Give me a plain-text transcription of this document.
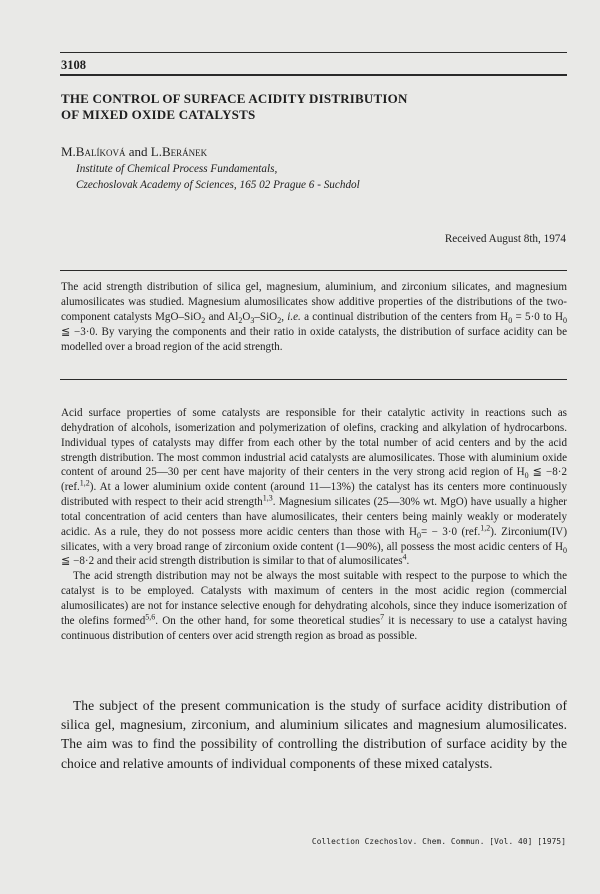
3108
THE CONTROL OF SURFACE ACIDITY DISTRIBUTION
OF MIXED OXIDE CATALYSTS
M.Balíková and L.Beránek
Institute of Chemical Process Fundamentals,
Czechoslovak Academy of Sciences, 165 02 Prague 6 - Suchdol
Received August 8th, 1974

The acid strength distribution of silica gel, magnesium, aluminium, and zirconium silicates, and magnesium alumosilicates was studied. Magnesium alumosilicates show additive properties of the distributions of the two-component catalysts MgO–SiO$_2$ and $Al_2O_3-SiO_2$, i.e. a continual distribution of the centers from $H_0 = 5\cdot 0$ to $H_0$ ≦ −3·0. By varying the components and their ratio in oxide catalysts, the distribution of surface acidity can be modelled over a broad region of the acid strength.

Acid surface properties of some catalysts are responsible for their catalytic activity in reactions such as dehydration of alcohols, isomerization and polymerization of olefins, cracking and alkylation of hydrocarbons. Individual types of catalysts may differ from each other by the total number of acid centers and by the acid strength distribution. The most common industrial acid catalysts are alumosilicates. Those with aluminium oxide content of around 25—30 per cent have majority of their centers in the very strong acid region of $H_0$ ≦ −8·2 (ref.$^{1,2}$). At a lower aluminium oxide content (around 11—13%) the catalyst has its centers more continuously distributed with respect to their acid strength$^{1,3}$. Magnesium silicates (25—30% wt. MgO) have usually a higher total concentration of acid centers than have alumosilicates, their centers being mainly weakly or moderately acidic. As a rule, they do not possess more acidic centers than those with $H_0= - 3\cdot 0$ (ref.$^{1,2}$). Zirconium(IV) silicates, with a very broad range of zirconium oxide content (1—90%), all possess the most acidic centers of $H_0$ ≦ −8·2 and their acid strength distribution is similar to that of alumosilicates$^4$.

The acid strength distribution may not be always the most suitable with respect to the purpose to which the catalyst is to be employed. Catalysts with maximum of centers in the most acidic region (commercial alumosilicates) are not for instance selective enough for dehydrating alcohols, since they induce isomerization of the olefins formed$^{5,6}$. On the other hand, for some theoretical studies$^7$ it is necessary to use a catalyst having continuous distribution of centers over acid strength region as broad as possible.

The subject of the present communication is the study of surface acidity distribution of silica gel, magnesium, zirconium, and aluminium silicates and magnesium alumosilicates. The aim was to find the possibility of controlling the distribution of surface acidity by the choice and relative amounts of individual components of these mixed catalysts.

Collection Czechoslov. Chem. Commun. [Vol. 40] [1975]
